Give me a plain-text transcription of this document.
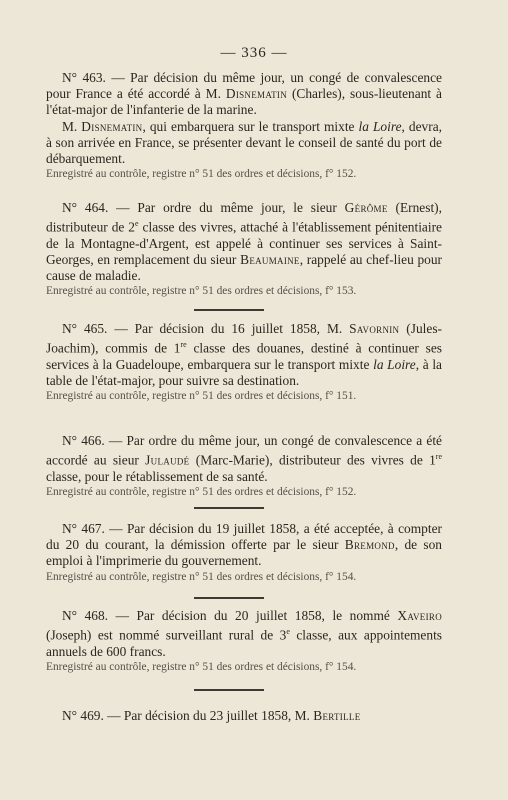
— 336 —

N° 463. — Par décision du même jour, un congé de convalescence pour France a été accordé à M. Disnematin (Charles), sous-lieutenant à l'état-major de l'infanterie de la marine.
M. Disnematin, qui embarquera sur le transport mixte la Loire, devra, à son arrivée en France, se présenter devant le conseil de santé du port de débarquement.

Enregistré au contrôle, registre n° 51 des ordres et décisions, f° 152.

N° 464. — Par ordre du même jour, le sieur Gérôme (Ernest), distributeur de 2e classe des vivres, attaché à l'établissement pénitentiaire de la Montagne-d'Argent, est appelé à continuer ses services à Saint-Georges, en remplacement du sieur Beaumaine, rappelé au chef-lieu pour cause de maladie.

Enregistré au contrôle, registre n° 51 des ordres et décisions, f° 153.

N° 465. — Par décision du 16 juillet 1858, M. Savornin (Jules-Joachim), commis de 1re classe des douanes, destiné à continuer ses services à la Guadeloupe, embarquera sur le transport mixte la Loire, à la table de l'état-major, pour suivre sa destination.

Enregistré au contrôle, registre n° 51 des ordres et décisions, f° 151.

N° 466. — Par ordre du même jour, un congé de convalescence a été accordé au sieur Julaudé (Marc-Marie), distributeur des vivres de 1re classe, pour le rétablissement de sa santé.

Enregistré au contrôle, registre n° 51 des ordres et décisions, f° 152.

N° 467. — Par décision du 19 juillet 1858, a été acceptée, à compter du 20 du courant, la démission offerte par le sieur Bremond, de son emploi à l'imprimerie du gouvernement.

Enregistré au contrôle, registre n° 51 des ordres et décisions, f° 154.

N° 468. — Par décision du 20 juillet 1858, le nommé Xaveiro (Joseph) est nommé surveillant rural de 3e classe, aux appointements annuels de 600 francs.

Enregistré au contrôle, registre n° 51 des ordres et décisions, f° 154.

N° 469. — Par décision du 23 juillet 1858, M. Bertille
